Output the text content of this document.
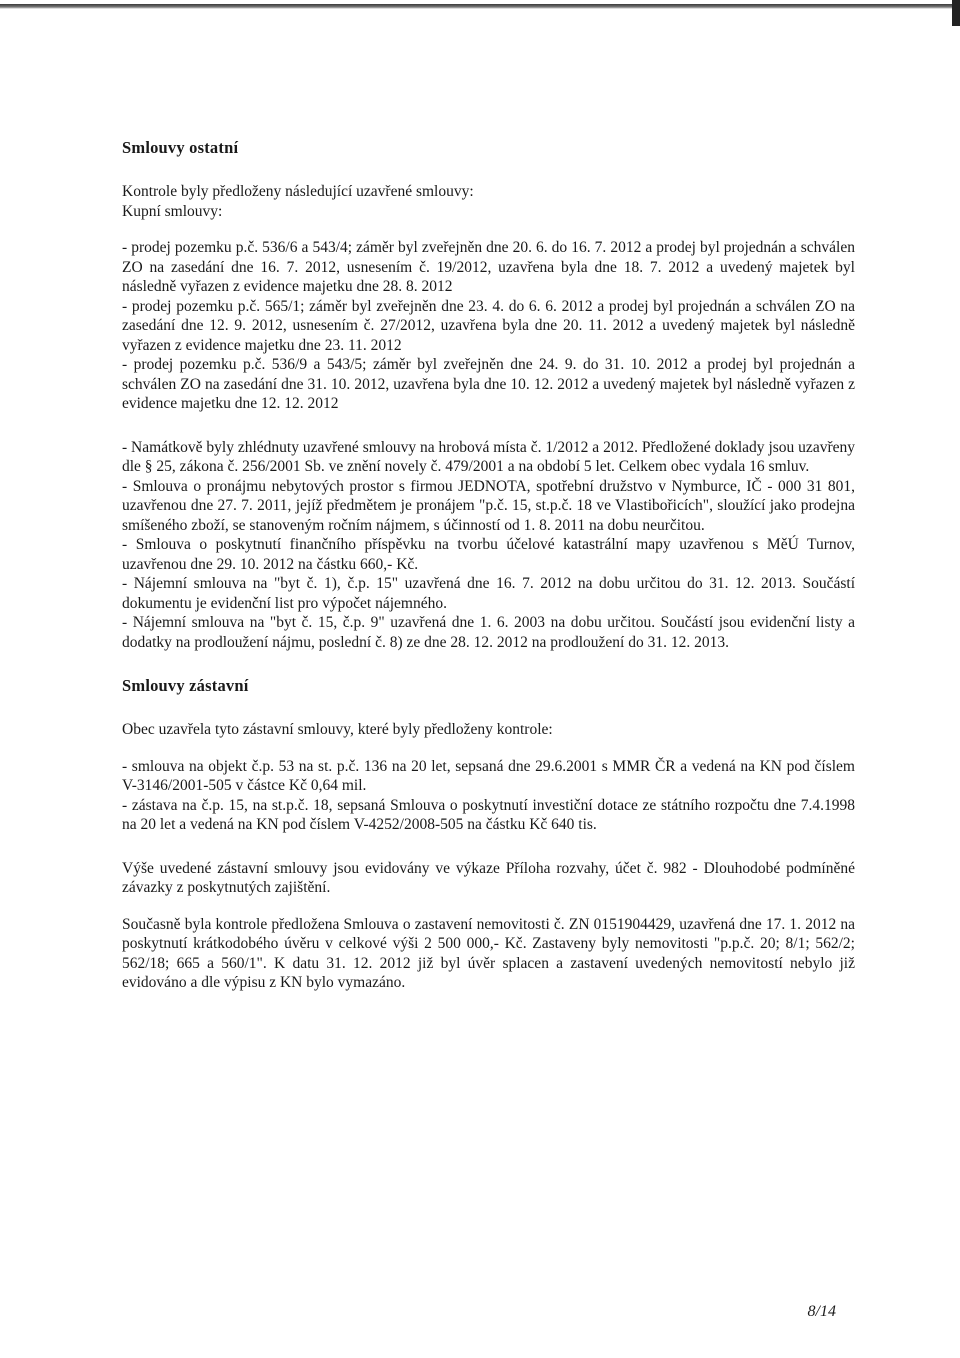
Smlouvy ostatní

Kontrole byly předloženy následující uzavřené smlouvy:

Kupní smlouvy:

- prodej pozemku p.č. 536/6 a 543/4; záměr byl zveřejněn dne 20. 6. do 16. 7. 2012 a prodej byl projednán a schválen ZO na zasedání dne 16. 7. 2012, usnesením č. 19/2012, uzavřena byla dne 18. 7. 2012 a uvedený majetek byl následně vyřazen z evidence majetku dne 28. 8. 2012

- prodej pozemku p.č. 565/1; záměr byl zveřejněn dne 23. 4. do 6. 6. 2012 a prodej byl projednán a schválen ZO na zasedání dne 12. 9. 2012, usnesením č. 27/2012, uzavřena byla dne 20. 11. 2012 a uvedený majetek byl následně vyřazen z evidence majetku dne 23. 11. 2012

- prodej pozemku p.č. 536/9 a 543/5; záměr byl zveřejněn dne 24. 9. do 31. 10. 2012 a prodej byl projednán a schválen ZO na zasedání dne 31. 10. 2012, uzavřena byla dne 10. 12. 2012 a uvedený majetek byl následně vyřazen z evidence majetku dne 12. 12. 2012

- Namátkově byly zhlédnuty uzavřené smlouvy na hrobová místa č. 1/2012 a 2012. Předložené doklady jsou uzavřeny dle § 25, zákona č. 256/2001 Sb. ve znění novely č. 479/2001 a na období 5 let. Celkem obec vydala 16 smluv.

- Smlouva o pronájmu nebytových prostor s firmou JEDNOTA, spotřební družstvo v Nymburce, IČ - 000 31 801, uzavřenou dne 27. 7. 2011, jejíž předmětem je pronájem "p.č. 15, st.p.č. 18 ve Vlastibořicích", sloužící jako prodejna smíšeného zboží, se stanoveným ročním nájmem, s účinností od 1. 8. 2011 na dobu neurčitou.

- Smlouva o poskytnutí finančního příspěvku na tvorbu účelové katastrální mapy uzavřenou s MěÚ Turnov, uzavřenou dne 29. 10. 2012 na částku 660,- Kč.

- Nájemní smlouva na "byt č. 1), č.p. 15" uzavřená dne 16. 7. 2012 na dobu určitou do 31. 12. 2013. Součástí dokumentu je evidenční list pro výpočet nájemného.

- Nájemní smlouva na "byt č. 15, č.p. 9" uzavřená dne 1. 6. 2003 na dobu určitou. Součástí jsou evidenční listy a dodatky na prodloužení nájmu, poslední č. 8) ze dne 28. 12. 2012 na prodloužení do 31. 12. 2013.

Smlouvy zástavní

Obec uzavřela tyto zástavní smlouvy, které byly předloženy kontrole:

- smlouva na objekt č.p. 53 na st. p.č. 136 na 20 let, sepsaná dne 29.6.2001 s MMR ČR a vedená na KN pod číslem V-3146/2001-505 v částce Kč 0,64 mil.

- zástava na č.p. 15, na st.p.č. 18, sepsaná Smlouva o poskytnutí investiční dotace ze státního rozpočtu dne 7.4.1998 na 20 let a vedená na KN pod číslem V-4252/2008-505 na částku Kč 640 tis.

Výše uvedené zástavní smlouvy jsou evidovány ve výkaze Příloha rozvahy, účet č. 982 - Dlouhodobé podmíněné závazky z poskytnutých zajištění.

Současně byla kontrole předložena Smlouva o zastavení nemovitosti č. ZN 0151904429, uzavřená dne 17. 1. 2012 na poskytnutí krátkodobého úvěru v celkové výši 2 500 000,- Kč. Zastaveny byly nemovitosti "p.p.č. 20; 8/1; 562/2; 562/18; 665 a 560/1". K datu 31. 12. 2012 již byl úvěr splacen a zastavení uvedených nemovitostí nebylo již evidováno a dle výpisu z KN bylo vymazáno.

8/14
